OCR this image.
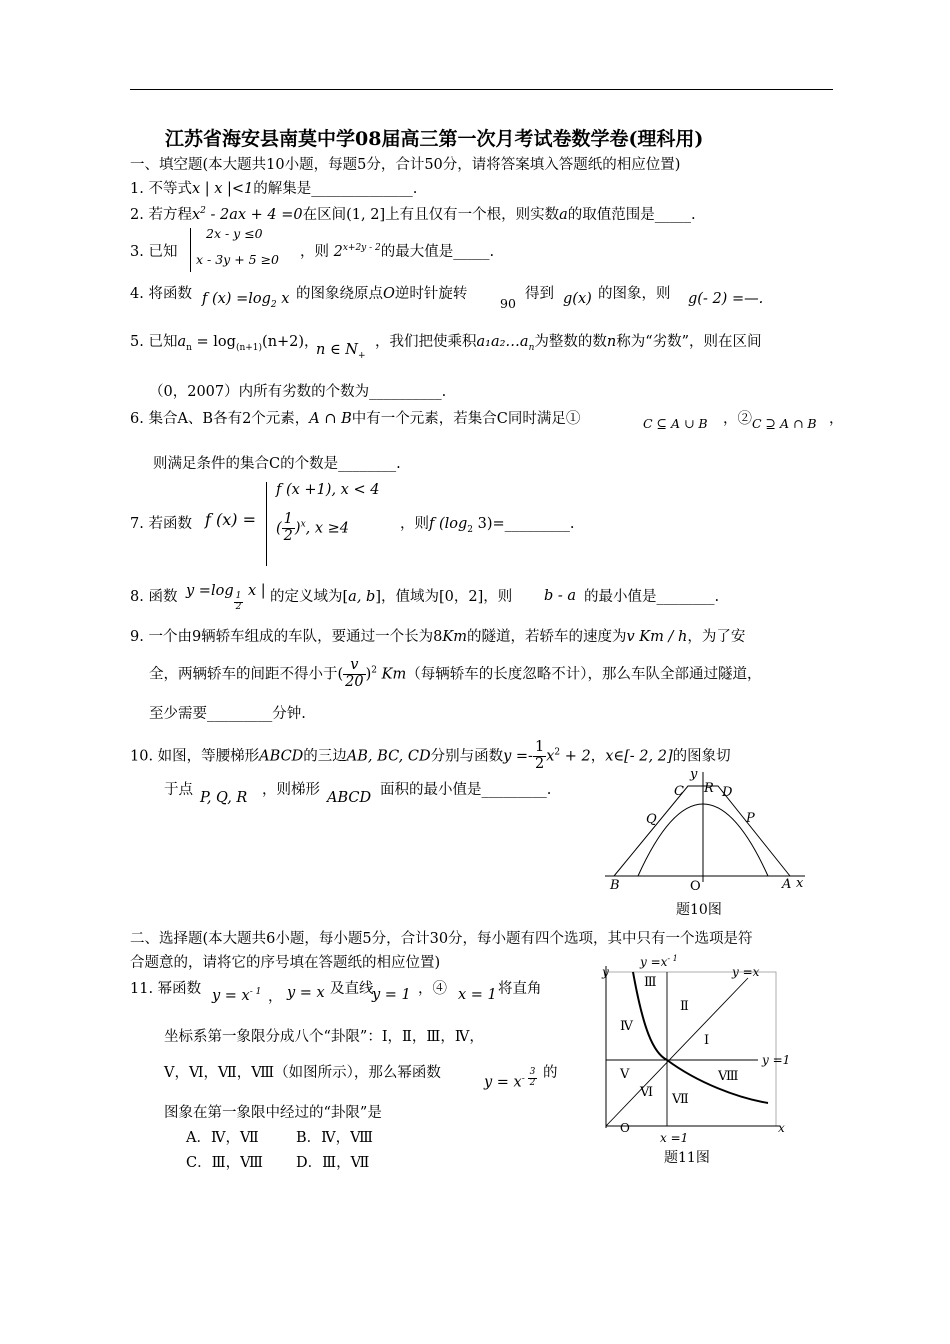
江苏省海安县南莫中学08届高三第一次月考试卷数学卷(理科用)
一、填空题(本大题共10小题，每题5分，合计50分，请将答案填入答题纸的相应位置)
1. 不等式x | x |<1的解集是______________.
2. 若方程$x^2 - 2ax + 4 =0$在区间(1, 2]上有且仅有一个根，则实数a的取值范围是_____.
3. 已知
2x - y ≤0
x - 3y + 5 ≥0 ，则 $2^{x+2y - 2}$的最大值是_____.
4. 将函数 f $(x) =\log_2$ x 的图象绕原点O逆时针旋转
90
得到 g(x) 的图象，则 g(- 2) =—.
5. 已知$a_n = \log_{(n+1)}(n+2)$，
n ∈ $N_+$
，我们把使乘积$a_1a_2\dots a_n$为整数的数n称为“劣数”，则在区间
（0，2007）内所有劣数的个数为__________.
6. 集合A、B各有2个元素，A ∩ B中有一个元素，若集合C同时满足①	C ⊆ A ∪ B ，② C ⊇ A ∩ B ，
则满足条件的集合C的个数是________.
7. 若函数 f (x) =
f (x +1), x < 4
( $\frac{1}{2} )^x$, x ≥4	，则f ($\log_2$ 3)=_________.
8. 函数 y =log
$\frac{1}{2}$
x | 的定义域为[a, b]，值域为[0，2]，则 b - a 的最小值是________.
9. 一个由9辆轿车组成的车队，要通过一个长为8Km的隧道，若轿车的速度为v Km / h，为了安
全，两辆轿车的间距不得小于( $\frac{v}{20} )^2$ Km（每辆轿车的长度忽略不计），那么车队全部通过隧道，
至少需要_________分钟.
10. 如图，等腰梯形ABCD的三边AB, BC, CD分别与函数$y =- \frac{1}{2} x^2 + 2$，x∈[- 2, 2]的图象切
于点 P, Q, R ，则梯形 ABCD 面积的最小值是_________.
y
x
C R D
Q	P
B	O	A
题10图
二、选择题(本大题共6小题，每小题5分，合计30分，每小题有四个选项，其中只有一个选项是符
合题意的，请将它的序号填在答题纸的相应位置)
11. 幂函数 $y = x^{- 1}$ ， y = x 及直线
y = 1 ，④ x = 1 将直角
坐标系第一象限分成八个“卦限”：Ⅰ，Ⅱ，Ⅲ，Ⅳ，
Ⅴ，Ⅵ，Ⅶ，Ⅷ（如图所示），那么幂函数
$y = x^{- \frac{3}{2}}$ 的
图象在第一象限中经过的“卦限”是
A．Ⅳ，Ⅶ	B．Ⅳ，Ⅷ
C．Ⅲ，Ⅷ D．Ⅲ，Ⅶ
y
$y =x^{- 1}$
y =x
y =1
x =1
x
O
Ⅰ
Ⅱ
Ⅲ
Ⅳ
Ⅴ
Ⅵ Ⅶ
Ⅷ
题11图
